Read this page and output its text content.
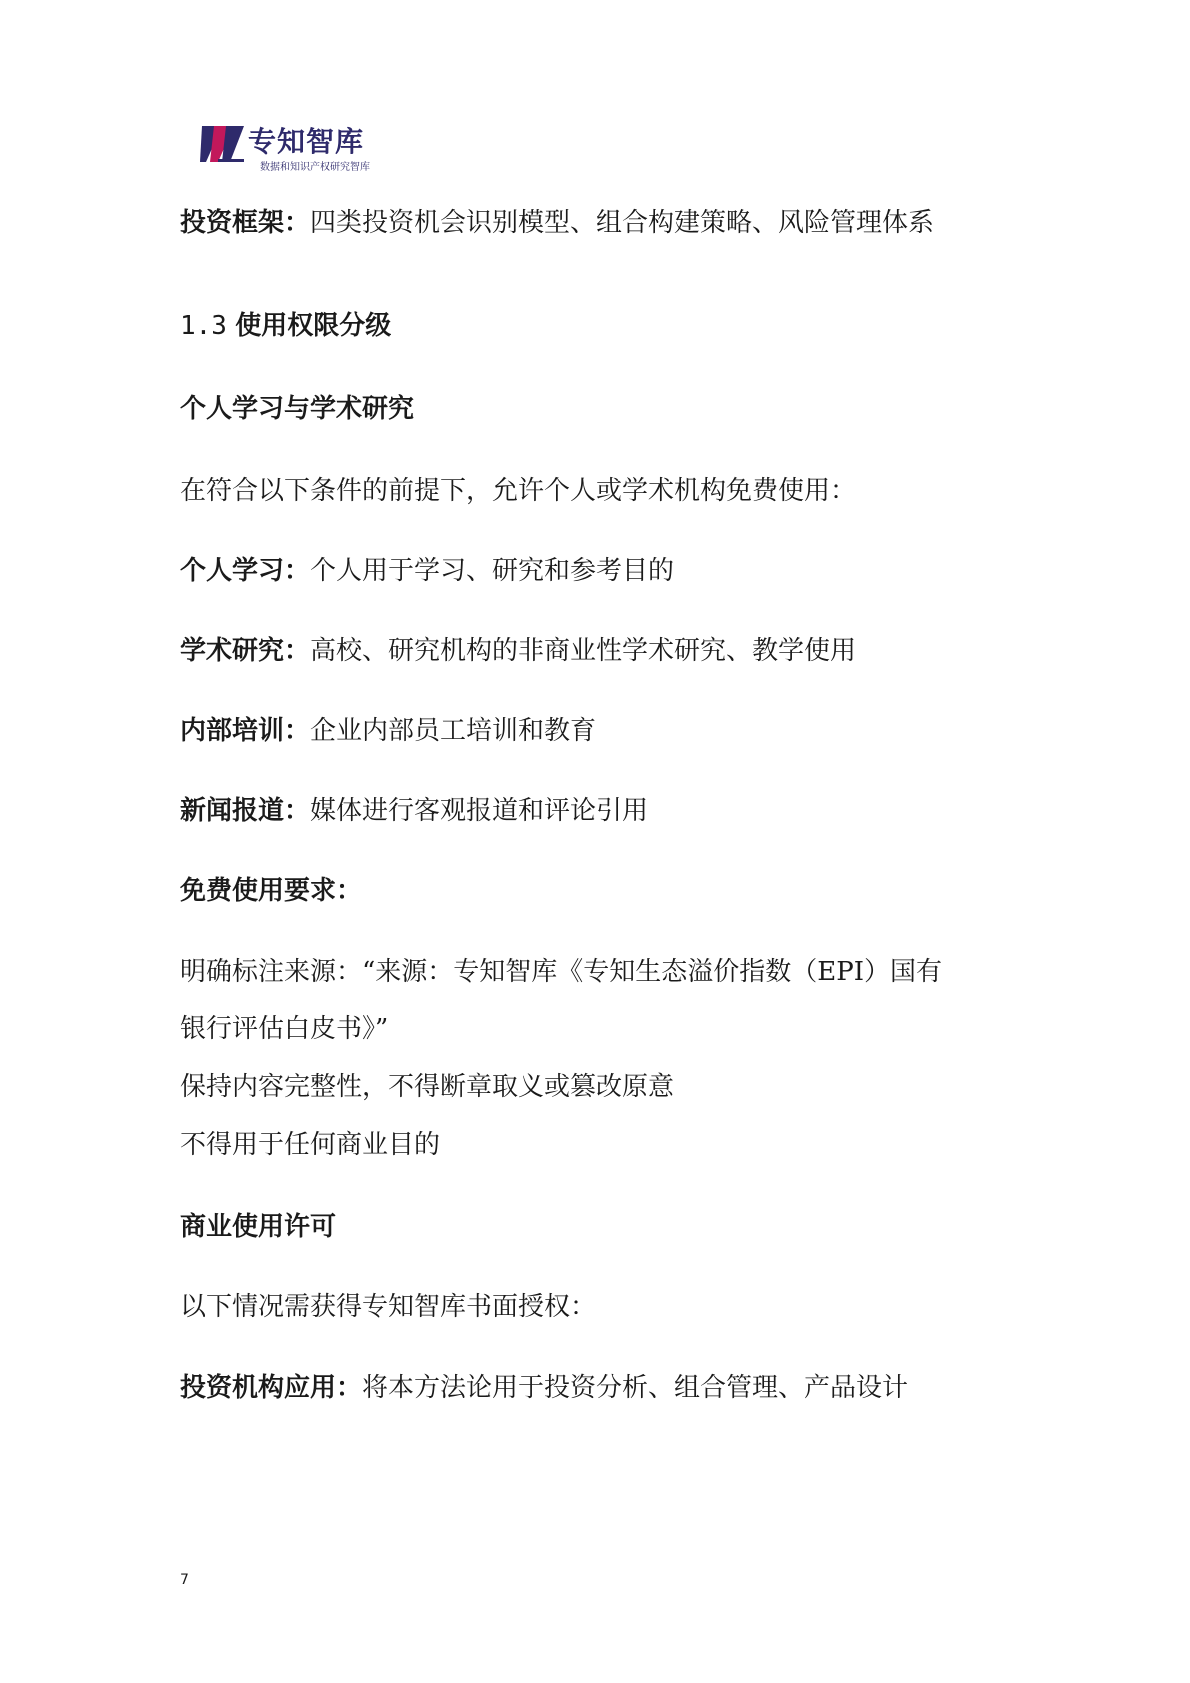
专知智库
数据和知识产权研究智库
投资框架：四类投资机会识别模型、组合构建策略、风险管理体系
1.3 使用权限分级
个人学习与学术研究
在符合以下条件的前提下，允许个人或学术机构免费使用：
个人学习：个人用于学习、研究和参考目的
学术研究：高校、研究机构的非商业性学术研究、教学使用
内部培训：企业内部员工培训和教育
新闻报道：媒体进行客观报道和评论引用
免费使用要求：
明确标注来源：“来源：专知智库《专知生态溢价指数（EPI）国有
银行评估白皮书》”
保持内容完整性，不得断章取义或篡改原意
不得用于任何商业目的
商业使用许可
以下情况需获得专知智库书面授权：
投资机构应用：将本方法论用于投资分析、组合管理、产品设计
7
